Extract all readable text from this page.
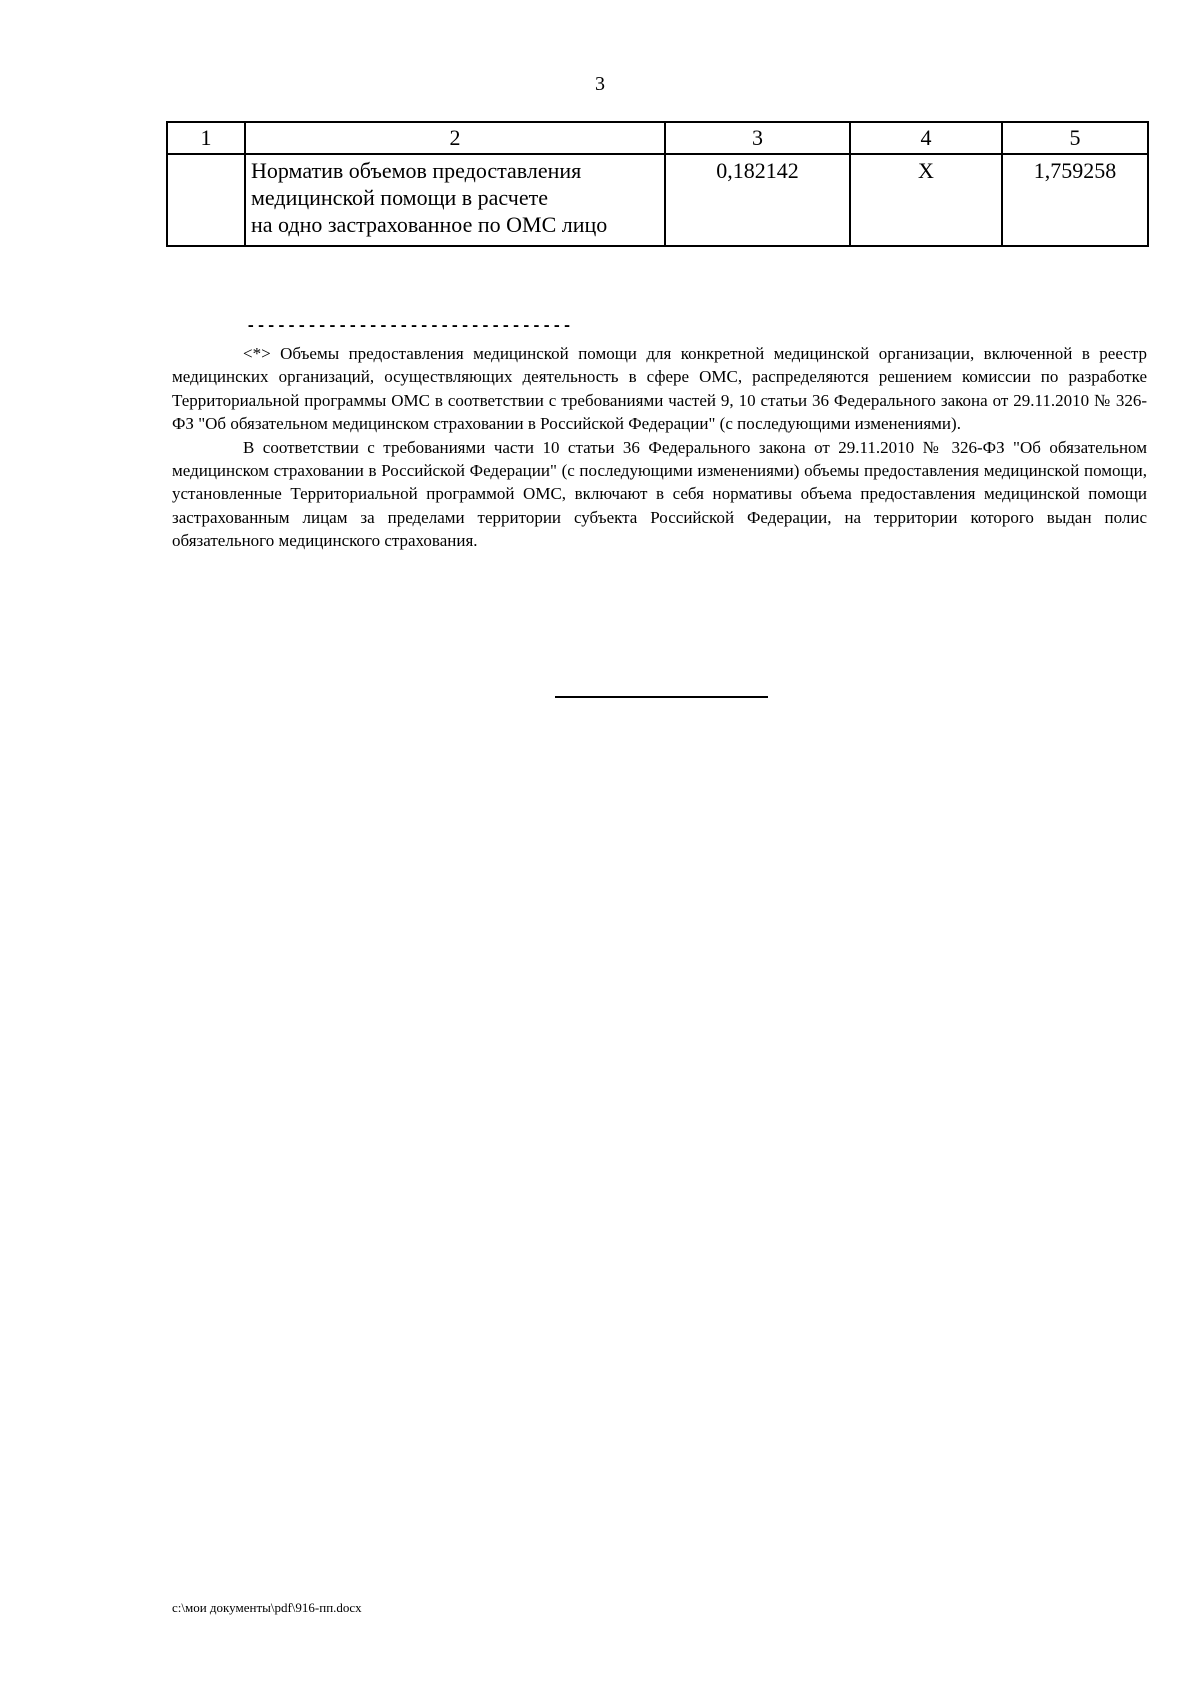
3
1	2	3	4	5

	Норматив объемов предоставления
медицинской помощи в расчете
на одно застрахованное по ОМС лицо	0,182142	Х	1,759258
--------------------------------

<*> Объемы предоставления медицинской помощи для конкретной медицинской организации, включенной в реестр медицинских организаций, осуществляющих деятельность в сфере ОМС, распределяются решением комиссии по разработке Территориальной программы ОМС в соответствии с требованиями частей 9, 10 статьи 36 Федерального закона от 29.11.2010 № 326-ФЗ "Об обязательном медицинском страховании в Российской Федерации" (с последующими изменениями).

В соответствии с требованиями части 10 статьи 36 Федерального закона от 29.11.2010 № 326-ФЗ "Об обязательном медицинском страховании в Российской Федерации" (с последующими изменениями) объемы предоставления медицинской помощи, установленные Территориальной программой ОМС, включают в себя нормативы объема предоставления медицинской помощи застрахованным лицам за пределами территории субъекта Российской Федерации, на территории которого выдан полис обязательного медицинского страхования.

c:\мои документы\pdf\916-пп.docx
